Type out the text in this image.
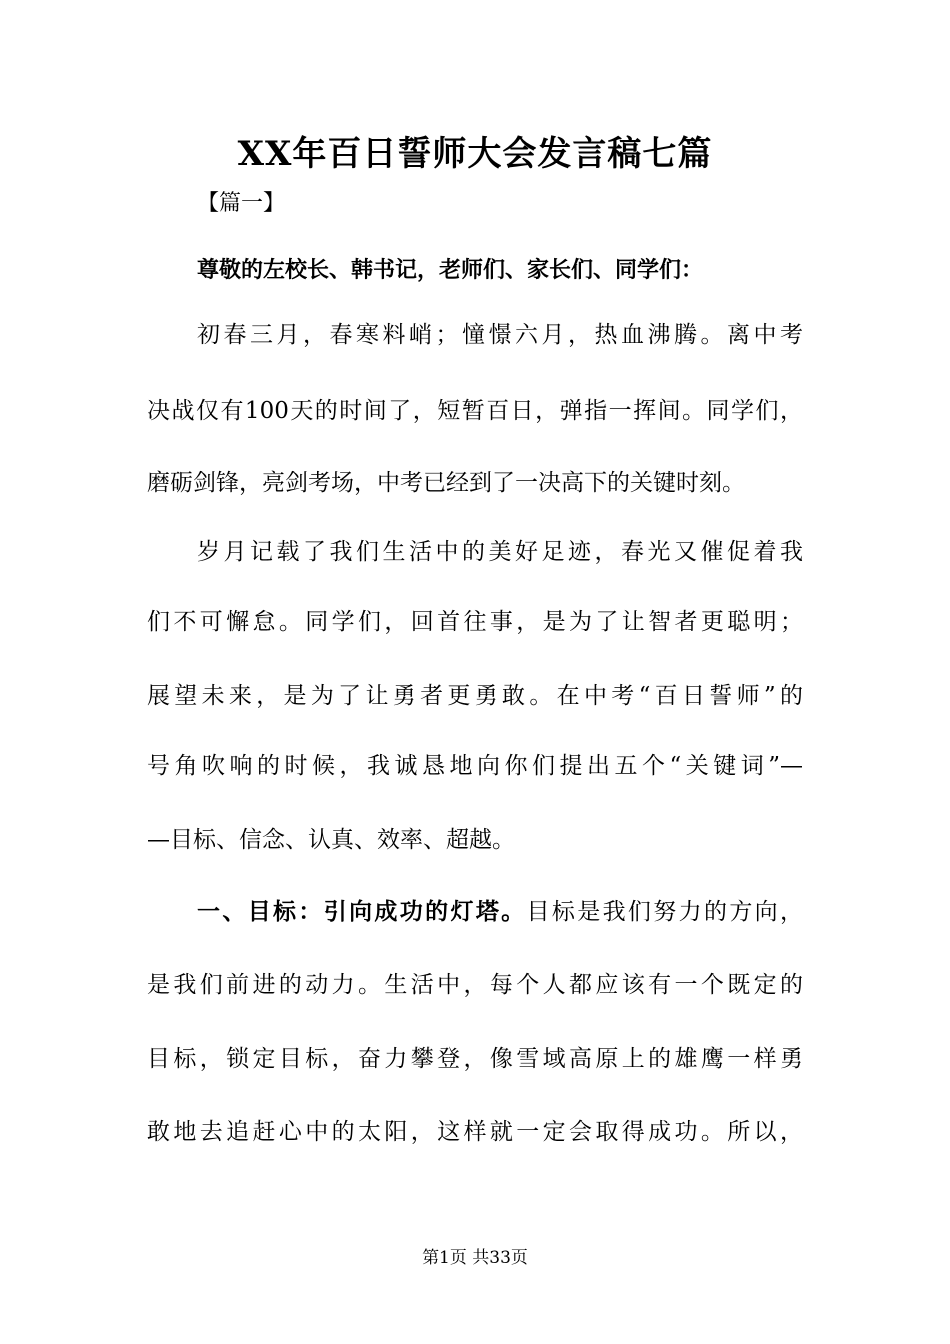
XX年百日誓师大会发言稿七篇
【篇一】
尊敬的左校长、韩书记，老师们、家长们、同学们：
初春三月，春寒料峭；憧憬六月，热血沸腾。离中考
决战仅有100天的时间了，短暂百日，弹指一挥间。同学们，
磨砺剑锋，亮剑考场，中考已经到了一决高下的关键时刻。
岁月记载了我们生活中的美好足迹，春光又催促着我
们不可懈怠。同学们，回首往事，是为了让智者更聪明；
展望未来，是为了让勇者更勇敢。在中考“百日誓师”的
号角吹响的时候，我诚恳地向你们提出五个“关键词”—
—目标、信念、认真、效率、超越。
一、目标：引向成功的灯塔。目标是我们努力的方向，
是我们前进的动力。生活中，每个人都应该有一个既定的
目标，锁定目标，奋力攀登，像雪域高原上的雄鹰一样勇
敢地去追赶心中的太阳，这样就一定会取得成功。所以，
第1页 共33页
